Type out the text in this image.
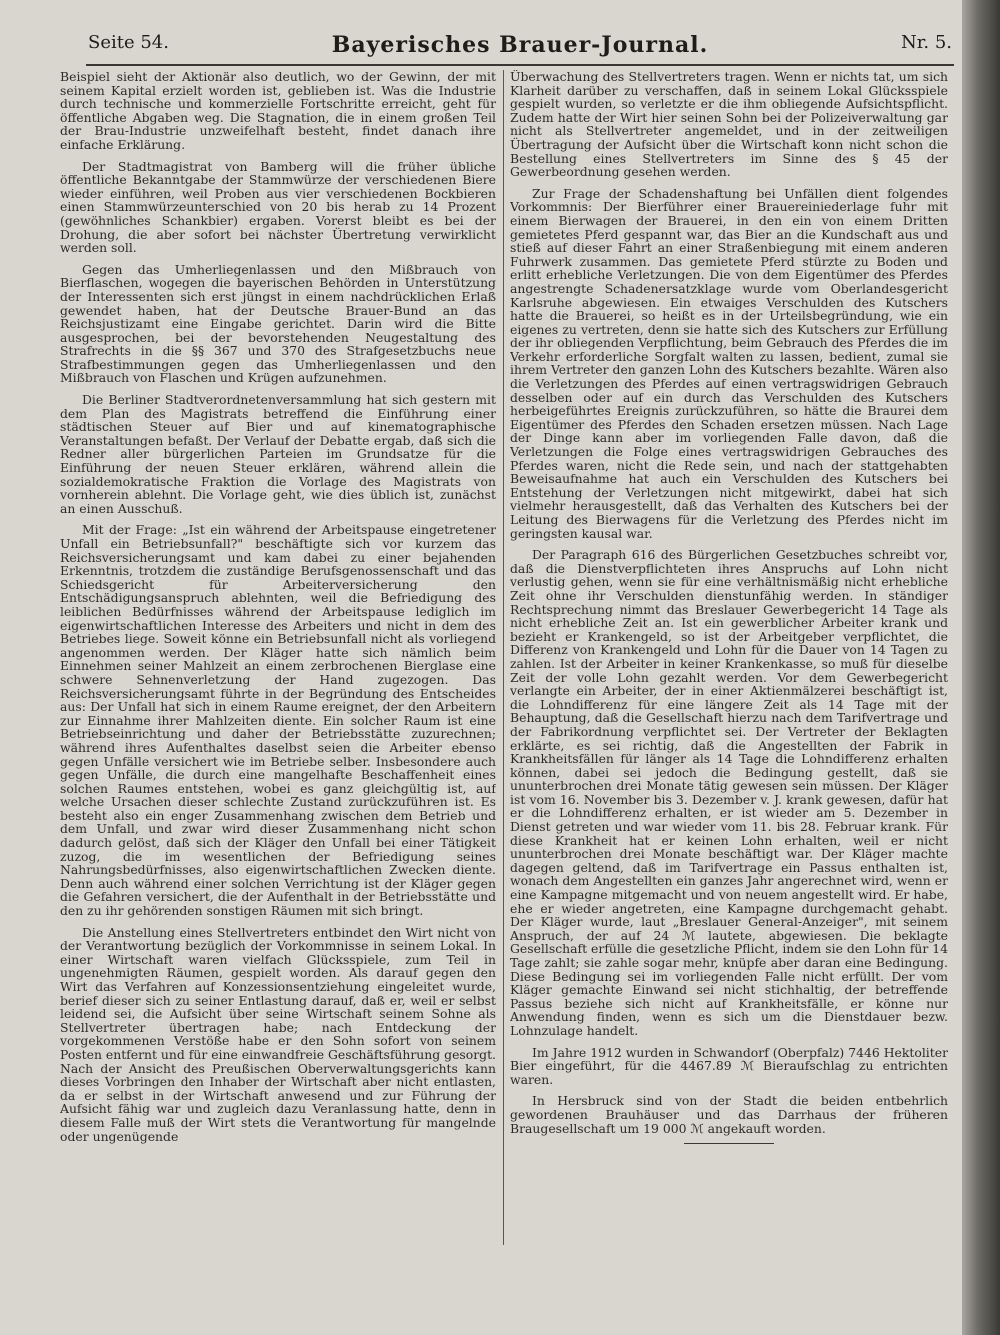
Seite 54.	Bayerisches Brauer-Journal.	Nr. 5.

Beispiel sieht der Aktionär also deutlich, wo der Gewinn, der mit seinem Kapital erzielt worden ist, geblieben ist. Was die Industrie durch technische und kommerzielle Fortschritte erreicht, geht für öffentliche Abgaben weg. Die Stagnation, die in einem großen Teil der Brau-Industrie unzweifelhaft besteht, findet danach ihre einfache Erklärung.

Der Stadtmagistrat von Bamberg will die früher übliche öffentliche Bekanntgabe der Stammwürze der verschiedenen Biere wieder einführen, weil Proben aus vier verschiedenen Bockbieren einen Stammwürzeunterschied von 20 bis herab zu 14 Prozent (gewöhnliches Schankbier) ergaben. Vorerst bleibt es bei der Drohung, die aber sofort bei nächster Übertretung verwirklicht werden soll.

Gegen das Umherliegenlassen und den Mißbrauch von Bierflaschen, wogegen die bayerischen Behörden in Unterstützung der Interessenten sich erst jüngst in einem nachdrücklichen Erlaß gewendet haben, hat der Deutsche Brauer-Bund an das Reichsjustizamt eine Eingabe gerichtet. Darin wird die Bitte ausgesprochen, bei der bevorstehenden Neugestaltung des Strafrechts in die §§ 367 und 370 des Strafgesetzbuchs neue Strafbestimmungen gegen das Umherliegenlassen und den Mißbrauch von Flaschen und Krügen aufzunehmen.

Die Berliner Stadtverordnetenversammlung hat sich gestern mit dem Plan des Magistrats betreffend die Einführung einer städtischen Steuer auf Bier und auf kinematographische Veranstaltungen befaßt. Der Verlauf der Debatte ergab, daß sich die Redner aller bürgerlichen Parteien im Grundsatze für die Einführung der neuen Steuer erklären, während allein die sozialdemokratische Fraktion die Vorlage des Magistrats von vornherein ablehnt. Die Vorlage geht, wie dies üblich ist, zunächst an einen Ausschuß.

Mit der Frage: „Ist ein während der Arbeitspause eingetretener Unfall ein Betriebsunfall?" beschäftigte sich vor kurzem das Reichsversicherungsamt und kam dabei zu einer bejahenden Erkenntnis, trotzdem die zuständige Berufsgenossenschaft und das Schiedsgericht für Arbeiterversicherung den Entschädigungsanspruch ablehnten, weil die Befriedigung des leiblichen Bedürfnisses während der Arbeitspause lediglich im eigenwirtschaftlichen Interesse des Arbeiters und nicht in dem des Betriebes liege. Soweit könne ein Betriebsunfall nicht als vorliegend angenommen werden. Der Kläger hatte sich nämlich beim Einnehmen seiner Mahlzeit an einem zerbrochenen Bierglase eine schwere Sehnenverletzung der Hand zugezogen. Das Reichsversicherungsamt führte in der Begründung des Entscheides aus: Der Unfall hat sich in einem Raume ereignet, der den Arbeitern zur Einnahme ihrer Mahlzeiten diente. Ein solcher Raum ist eine Betriebseinrichtung und daher der Betriebsstätte zuzurechnen; während ihres Aufenthaltes daselbst seien die Arbeiter ebenso gegen Unfälle versichert wie im Betriebe selber. Insbesondere auch gegen Unfälle, die durch eine mangelhafte Beschaffenheit eines solchen Raumes entstehen, wobei es ganz gleichgültig ist, auf welche Ursachen dieser schlechte Zustand zurückzuführen ist. Es besteht also ein enger Zusammenhang zwischen dem Betrieb und dem Unfall, und zwar wird dieser Zusammenhang nicht schon dadurch gelöst, daß sich der Kläger den Unfall bei einer Tätigkeit zuzog, die im wesentlichen der Befriedigung seines Nahrungsbedürfnisses, also eigenwirtschaftlichen Zwecken diente. Denn auch während einer solchen Verrichtung ist der Kläger gegen die Gefahren versichert, die der Aufenthalt in der Betriebsstätte und den zu ihr gehörenden sonstigen Räumen mit sich bringt.

Die Anstellung eines Stellvertreters entbindet den Wirt nicht von der Verantwortung bezüglich der Vorkommnisse in seinem Lokal. In einer Wirtschaft waren vielfach Glücksspiele, zum Teil in ungenehmigten Räumen, gespielt worden. Als darauf gegen den Wirt das Verfahren auf Konzessionsentziehung eingeleitet wurde, berief dieser sich zu seiner Entlastung darauf, daß er, weil er selbst leidend sei, die Aufsicht über seine Wirtschaft seinem Sohne als Stellvertreter übertragen habe; nach Entdeckung der vorgekommenen Verstöße habe er den Sohn sofort von seinem Posten entfernt und für eine einwandfreie Geschäftsführung gesorgt. Nach der Ansicht des Preußischen Oberverwaltungsgerichts kann dieses Vorbringen den Inhaber der Wirtschaft aber nicht entlasten, da er selbst in der Wirtschaft anwesend und zur Führung der Aufsicht fähig war und zugleich dazu Veranlassung hatte, denn in diesem Falle muß der Wirt stets die Verantwortung für mangelnde oder ungenügende

Überwachung des Stellvertreters tragen. Wenn er nichts tat, um sich Klarheit darüber zu verschaffen, daß in seinem Lokal Glücksspiele gespielt wurden, so verletzte er die ihm obliegende Aufsichtspflicht. Zudem hatte der Wirt hier seinen Sohn bei der Polizeiverwaltung gar nicht als Stellvertreter angemeldet, und in der zeitweiligen Übertragung der Aufsicht über die Wirtschaft konn nicht schon die Bestellung eines Stellvertreters im Sinne des § 45 der Gewerbeordnung gesehen werden.

Zur Frage der Schadenshaftung bei Unfällen dient folgendes Vorkommnis: Der Bierführer einer Brauereiniederlage fuhr mit einem Bierwagen der Brauerei, in den ein von einem Dritten gemietetes Pferd gespannt war, das Bier an die Kundschaft aus und stieß auf dieser Fahrt an einer Straßenbiegung mit einem anderen Fuhrwerk zusammen. Das gemietete Pferd stürzte zu Boden und erlitt erhebliche Verletzungen. Die von dem Eigentümer des Pferdes angestrengte Schadenersatzklage wurde vom Oberlandesgericht Karlsruhe abgewiesen. Ein etwaiges Verschulden des Kutschers hatte die Brauerei, so heißt es in der Urteilsbegründung, wie ein eigenes zu vertreten, denn sie hatte sich des Kutschers zur Erfüllung der ihr obliegenden Verpflichtung, beim Gebrauch des Pferdes die im Verkehr erforderliche Sorgfalt walten zu lassen, bedient, zumal sie ihrem Vertreter den ganzen Lohn des Kutschers bezahlte. Wären also die Verletzungen des Pferdes auf einen vertragswidrigen Gebrauch desselben oder auf ein durch das Verschulden des Kutschers herbeigeführtes Ereignis zurückzuführen, so hätte die Braurei dem Eigentümer des Pferdes den Schaden ersetzen müssen. Nach Lage der Dinge kann aber im vorliegenden Falle davon, daß die Verletzungen die Folge eines vertragswidrigen Gebrauches des Pferdes waren, nicht die Rede sein, und nach der stattgehabten Beweisaufnahme hat auch ein Verschulden des Kutschers bei Entstehung der Verletzungen nicht mitgewirkt, dabei hat sich vielmehr herausgestellt, daß das Verhalten des Kutschers bei der Leitung des Bierwagens für die Verletzung des Pferdes nicht im geringsten kausal war.

Der Paragraph 616 des Bürgerlichen Gesetzbuches schreibt vor, daß die Dienstverpflichteten ihres Anspruchs auf Lohn nicht verlustig gehen, wenn sie für eine verhältnismäßig nicht erhebliche Zeit ohne ihr Verschulden dienstunfähig werden. In ständiger Rechtsprechung nimmt das Breslauer Gewerbegericht 14 Tage als nicht erhebliche Zeit an. Ist ein gewerblicher Arbeiter krank und bezieht er Krankengeld, so ist der Arbeitgeber verpflichtet, die Differenz von Krankengeld und Lohn für die Dauer von 14 Tagen zu zahlen. Ist der Arbeiter in keiner Krankenkasse, so muß für dieselbe Zeit der volle Lohn gezahlt werden. Vor dem Gewerbegericht verlangte ein Arbeiter, der in einer Aktienmälzerei beschäftigt ist, die Lohndifferenz für eine längere Zeit als 14 Tage mit der Behauptung, daß die Gesellschaft hierzu nach dem Tarifvertrage und der Fabrikordnung verpflichtet sei. Der Vertreter der Beklagten erklärte, es sei richtig, daß die Angestellten der Fabrik in Krankheitsfällen für länger als 14 Tage die Lohndifferenz erhalten können, dabei sei jedoch die Bedingung gestellt, daß sie ununterbrochen drei Monate tätig gewesen sein müssen. Der Kläger ist vom 16. November bis 3. Dezember v. J. krank gewesen, dafür hat er die Lohndifferenz erhalten, er ist wieder am 5. Dezember in Dienst getreten und war wieder vom 11. bis 28. Februar krank. Für diese Krankheit hat er keinen Lohn erhalten, weil er nicht ununterbrochen drei Monate beschäftigt war. Der Kläger machte dagegen geltend, daß im Tarifvertrage ein Passus enthalten ist, wonach dem Angestellten ein ganzes Jahr angerechnet wird, wenn er eine Kampagne mitgemacht und von neuem angestellt wird. Er habe, ehe er wieder angetreten, eine Kampagne durchgemacht gehabt. Der Kläger wurde, laut „Breslauer General-Anzeiger", mit seinem Anspruch, der auf 24 ℳ lautete, abgewiesen. Die beklagte Gesellschaft erfülle die gesetzliche Pflicht, indem sie den Lohn für 14 Tage zahlt; sie zahle sogar mehr, knüpfe aber daran eine Bedingung. Diese Bedingung sei im vorliegenden Falle nicht erfüllt. Der vom Kläger gemachte Einwand sei nicht stichhaltig, der betreffende Passus beziehe sich nicht auf Krankheitsfälle, er könne nur Anwendung finden, wenn es sich um die Dienstdauer bezw. Lohnzulage handelt.

Im Jahre 1912 wurden in Schwandorf (Oberpfalz) 7446 Hektoliter Bier eingeführt, für die 4467.89 ℳ Bieraufschlag zu entrichten waren.

In Hersbruck sind von der Stadt die beiden entbehrlich gewordenen Brauhäuser und das Darrhaus der früheren Braugesellschaft um 19 000 ℳ angekauft worden.
